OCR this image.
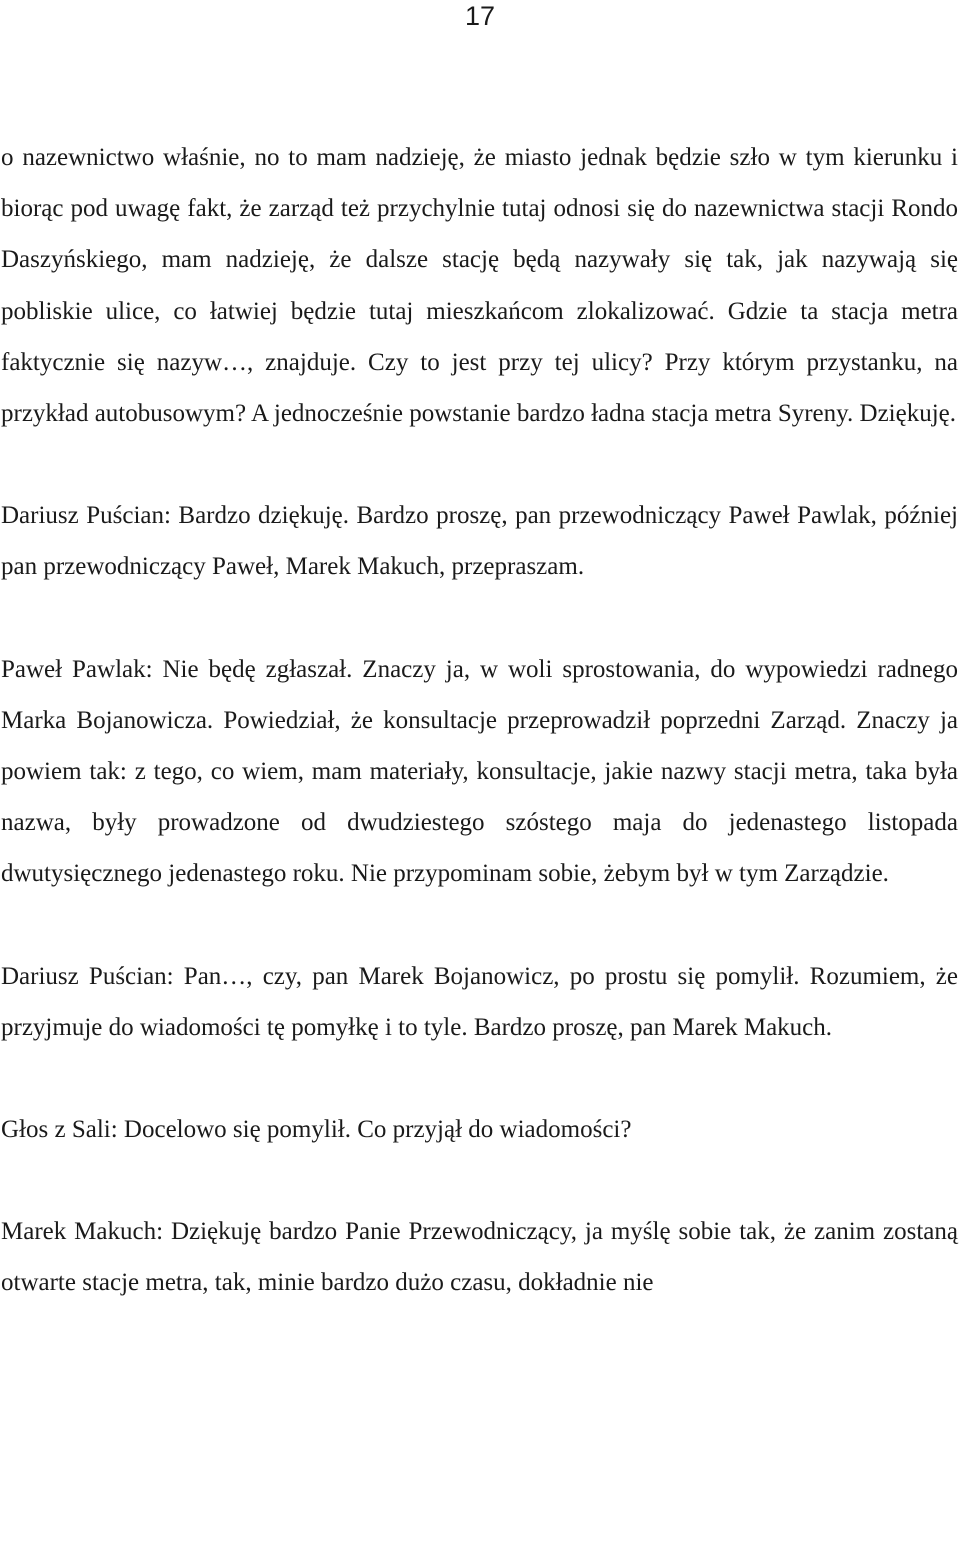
17

o nazewnictwo właśnie, no to mam nadzieję, że miasto jednak będzie szło w tym kierunku i biorąc pod uwagę fakt, że zarząd też przychylnie tutaj odnosi się do nazewnictwa stacji Rondo Daszyńskiego, mam nadzieję, że dalsze stację będą nazywały się tak, jak nazywają się pobliskie ulice, co łatwiej będzie tutaj mieszkańcom zlokalizować. Gdzie ta stacja metra faktycznie się nazyw…, znajduje. Czy to jest przy tej ulicy? Przy którym przystanku, na przykład autobusowym? A jednocześnie powstanie bardzo ładna stacja metra Syreny. Dziękuję.

Dariusz Puścian: Bardzo dziękuję. Bardzo proszę, pan przewodniczący Paweł Pawlak, później pan przewodniczący Paweł, Marek Makuch, przepraszam.

Paweł Pawlak: Nie będę zgłaszał. Znaczy ja, w woli sprostowania, do wypowiedzi radnego Marka Bojanowicza. Powiedział, że konsultacje przeprowadził poprzedni Zarząd. Znaczy ja powiem tak: z tego, co wiem, mam materiały, konsultacje, jakie nazwy stacji metra, taka była nazwa, były prowadzone od dwudziestego szóstego maja do jedenastego listopada dwutysięcznego jedenastego roku. Nie przypominam sobie, żebym był w tym Zarządzie.

Dariusz Puścian: Pan…, czy, pan Marek Bojanowicz, po prostu się pomylił. Rozumiem, że przyjmuje do wiadomości tę pomyłkę i to tyle. Bardzo proszę, pan Marek Makuch.

Głos z Sali: Docelowo się pomylił. Co przyjął do wiadomości?

Marek Makuch: Dziękuję bardzo Panie Przewodniczący, ja myślę sobie tak, że zanim zostaną otwarte stacje metra, tak, minie bardzo dużo czasu, dokładnie nie
